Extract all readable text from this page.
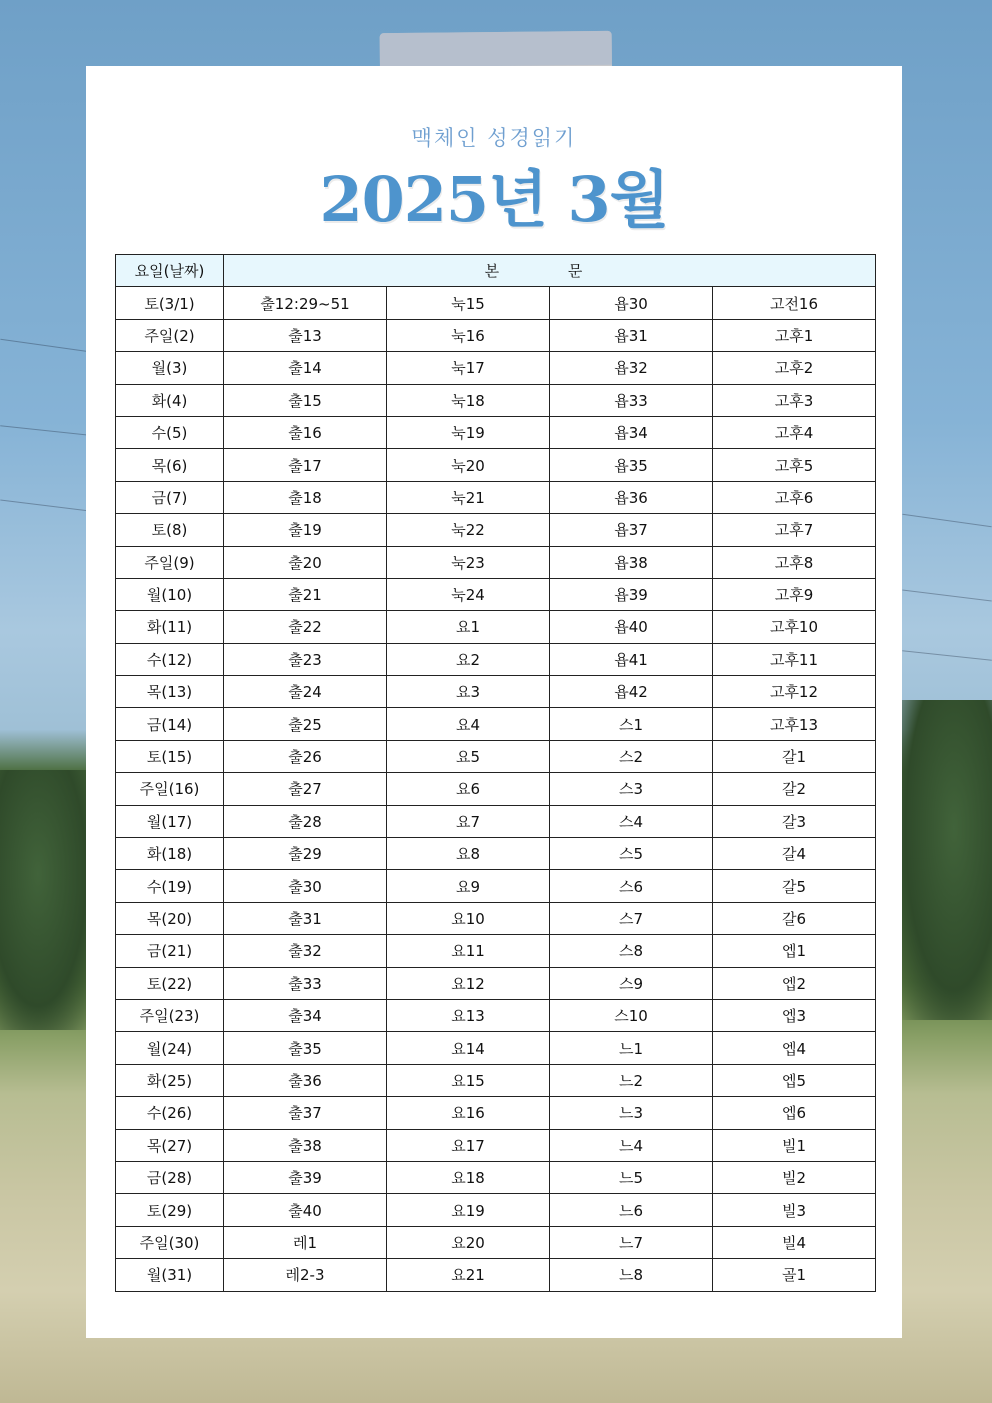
맥체인 성경읽기
2025년 3월
요일(날짜)	본 문			
토(3/1)	출12:29~51	눅15	욥30	고전16
주일(2)	출13	눅16	욥31	고후1
월(3)	출14	눅17	욥32	고후2
화(4)	출15	눅18	욥33	고후3
수(5)	출16	눅19	욥34	고후4
목(6)	출17	눅20	욥35	고후5
금(7)	출18	눅21	욥36	고후6
토(8)	출19	눅22	욥37	고후7
주일(9)	출20	눅23	욥38	고후8
월(10)	출21	눅24	욥39	고후9
화(11)	출22	요1	욥40	고후10
수(12)	출23	요2	욥41	고후11
목(13)	출24	요3	욥42	고후12
금(14)	출25	요4	스1	고후13
토(15)	출26	요5	스2	갈1
주일(16)	출27	요6	스3	갈2
월(17)	출28	요7	스4	갈3
화(18)	출29	요8	스5	갈4
수(19)	출30	요9	스6	갈5
목(20)	출31	요10	스7	갈6
금(21)	출32	요11	스8	엡1
토(22)	출33	요12	스9	엡2
주일(23)	출34	요13	스10	엡3
월(24)	출35	요14	느1	엡4
화(25)	출36	요15	느2	엡5
수(26)	출37	요16	느3	엡6
목(27)	출38	요17	느4	빌1
금(28)	출39	요18	느5	빌2
토(29)	출40	요19	느6	빌3
주일(30)	레1	요20	느7	빌4
월(31)	레2-3	요21	느8	골1
